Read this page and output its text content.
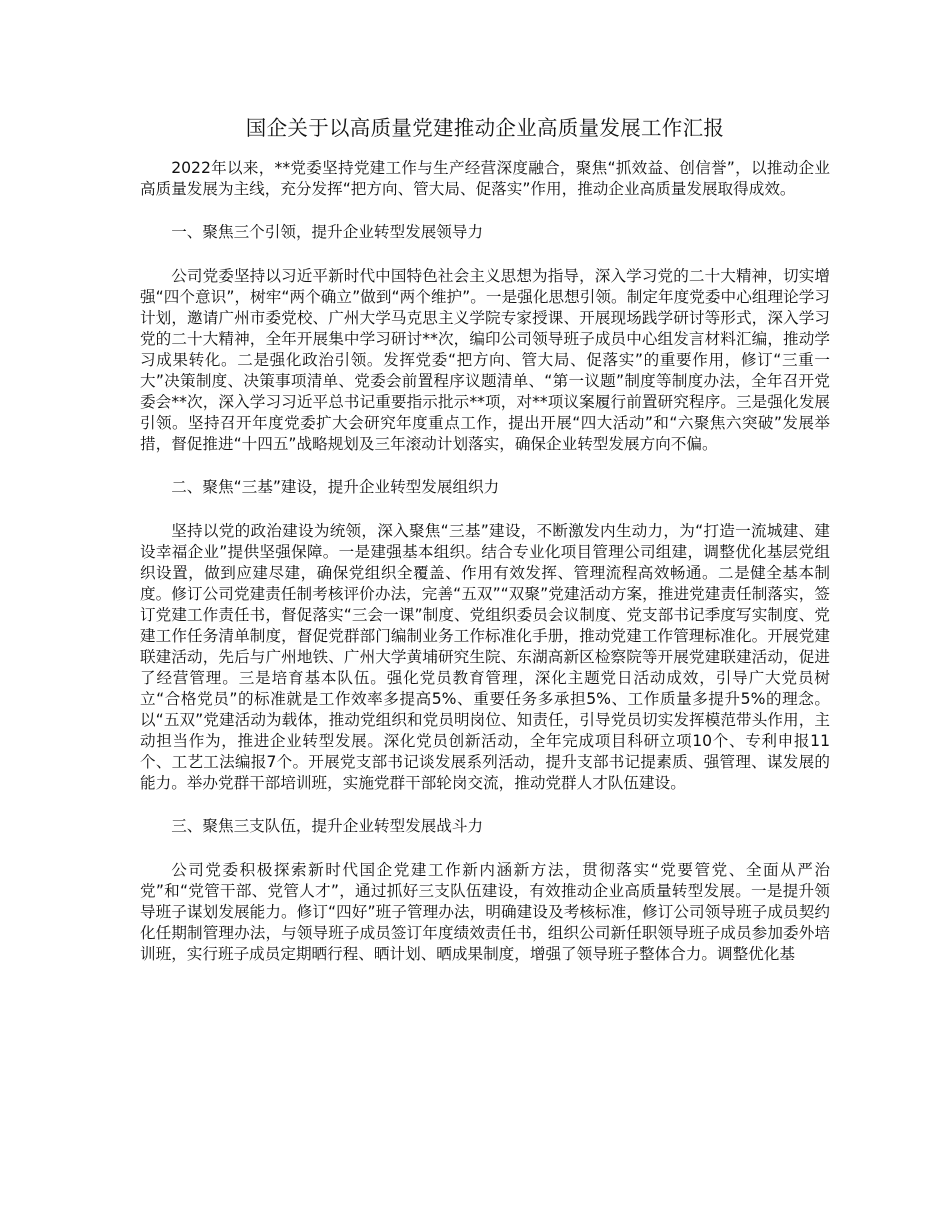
国企关于以高质量党建推动企业高质量发展工作汇报

2022年以来，**党委坚持党建工作与生产经营深度融合，聚焦“抓效益、创信誉”，以推动企业高质量发展为主线，充分发挥“把方向、管大局、促落实”作用，推动企业高质量发展取得成效。

一、聚焦三个引领，提升企业转型发展领导力

公司党委坚持以习近平新时代中国特色社会主义思想为指导，深入学习党的二十大精神，切实增强“四个意识”，树牢“两个确立”做到“两个维护”。一是强化思想引领。制定年度党委中心组理论学习计划，邀请广州市委党校、广州大学马克思主义学院专家授课、开展现场践学研讨等形式，深入学习党的二十大精神，全年开展集中学习研讨**次，编印公司领导班子成员中心组发言材料汇编，推动学习成果转化。二是强化政治引领。发挥党委“把方向、管大局、促落实”的重要作用，修订“三重一大”决策制度、决策事项清单、党委会前置程序议题清单、“第一议题”制度等制度办法，全年召开党委会**次，深入学习习近平总书记重要指示批示**项，对**项议案履行前置研究程序。三是强化发展引领。坚持召开年度党委扩大会研究年度重点工作，提出开展“四大活动”和“六聚焦六突破”发展举措，督促推进“十四五”战略规划及三年滚动计划落实，确保企业转型发展方向不偏。

二、聚焦“三基”建设，提升企业转型发展组织力

坚持以党的政治建设为统领，深入聚焦“三基”建设，不断激发内生动力，为“打造一流城建、建设幸福企业”提供坚强保障。一是建强基本组织。结合专业化项目管理公司组建，调整优化基层党组织设置，做到应建尽建，确保党组织全覆盖、作用有效发挥、管理流程高效畅通。二是健全基本制度。修订公司党建责任制考核评价办法，完善“五双”“双聚”党建活动方案，推进党建责任制落实，签订党建工作责任书，督促落实“三会一课”制度、党组织委员会议制度、党支部书记季度写实制度、党建工作任务清单制度，督促党群部门编制业务工作标准化手册，推动党建工作管理标准化。开展党建联建活动，先后与广州地铁、广州大学黄埔研究生院、东湖高新区检察院等开展党建联建活动，促进了经营管理。三是培育基本队伍。强化党员教育管理，深化主题党日活动成效，引导广大党员树立“合格党员”的标准就是工作效率多提高5%、重要任务多承担5%、工作质量多提升5%的理念。以“五双”党建活动为载体，推动党组织和党员明岗位、知责任，引导党员切实发挥模范带头作用，主动担当作为，推进企业转型发展。深化党员创新活动，全年完成项目科研立项10个、专利申报11个、工艺工法编报7个。开展党支部书记谈发展系列活动，提升支部书记提素质、强管理、谋发展的能力。举办党群干部培训班，实施党群干部轮岗交流，推动党群人才队伍建设。

三、聚焦三支队伍，提升企业转型发展战斗力

公司党委积极探索新时代国企党建工作新内涵新方法，贯彻落实“党要管党、全面从严治党”和“党管干部、党管人才”，通过抓好三支队伍建设，有效推动企业高质量转型发展。一是提升领导班子谋划发展能力。修订“四好”班子管理办法，明确建设及考核标准，修订公司领导班子成员契约化任期制管理办法，与领导班子成员签订年度绩效责任书，组织公司新任职领导班子成员参加委外培训班，实行班子成员定期晒行程、晒计划、晒成果制度，增强了领导班子整体合力。调整优化基
